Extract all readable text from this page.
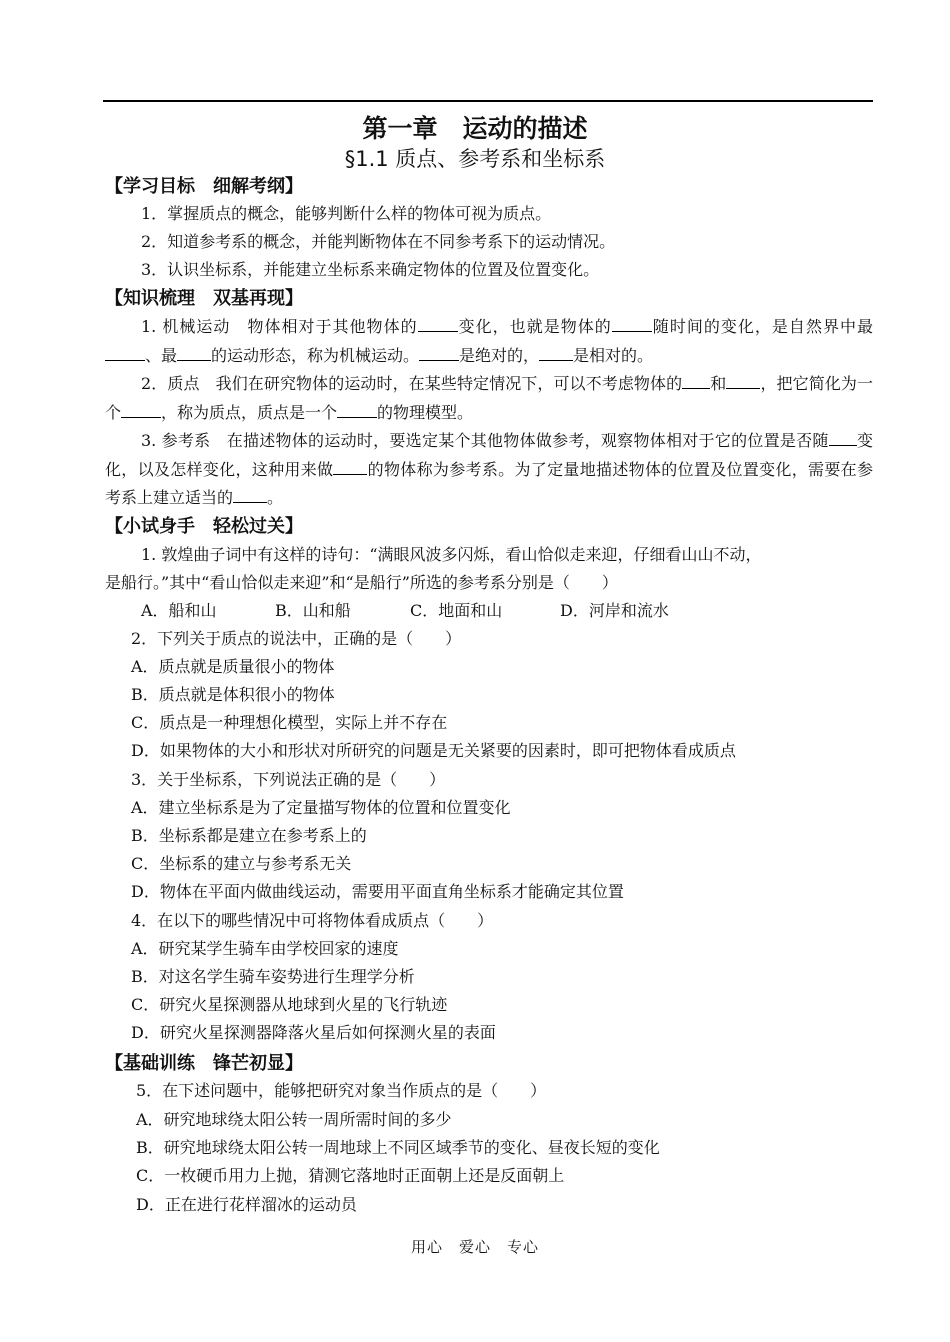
第一章　运动的描述
§1.1 质点、参考系和坐标系
【学习目标　细解考纲】
1．掌握质点的概念，能够判断什么样的物体可视为质点。
2．知道参考系的概念，并能判断物体在不同参考系下的运动情况。
3．认识坐标系，并能建立坐标系来确定物体的位置及位置变化。
【知识梳理　双基再现】
1. 机械运动　物体相对于其他物体的	变化，也就是物体的	随时间的变化，是自然界中最、最 的运动形态，称为机械运动。	是绝对的， 是相对的。
2．质点　我们在研究物体的运动时，在某些特定情况下，可以不考虑物体的 和 ，把它简化为一个	，称为质点，质点是一个	的物理模型。
3. 参考系　在描述物体的运动时，要选定某个其他物体做参考，观察物体相对于它的位置是否随 变化，以及怎样变化，这种用来做 的物体称为参考系。为了定量地描述物体的位置及位置变化，需要在参考系上建立适当的 。
【小试身手　轻松过关】
1. 敦煌曲子词中有这样的诗句：“满眼风波多闪烁，看山恰似走来迎，仔细看山山不动，
是船行。”其中“看山恰似走来迎”和“是船行”所选的参考系分别是（　　）
A．船和山	B．山和船	C．地面和山	D．河岸和流水
2．下列关于质点的说法中，正确的是（　　）
A．质点就是质量很小的物体
B．质点就是体积很小的物体
C．质点是一种理想化模型，实际上并不存在
D．如果物体的大小和形状对所研究的问题是无关紧要的因素时，即可把物体看成质点
3．关于坐标系，下列说法正确的是（　　）
A．建立坐标系是为了定量描写物体的位置和位置变化
B．坐标系都是建立在参考系上的
C．坐标系的建立与参考系无关
D．物体在平面内做曲线运动，需要用平面直角坐标系才能确定其位置
4．在以下的哪些情况中可将物体看成质点（　　）
A．研究某学生骑车由学校回家的速度
B．对这名学生骑车姿势进行生理学分析
C．研究火星探测器从地球到火星的飞行轨迹
D．研究火星探测器降落火星后如何探测火星的表面
【基础训练　锋芒初显】
5．在下述问题中，能够把研究对象当作质点的是（　　）
A．研究地球绕太阳公转一周所需时间的多少
B．研究地球绕太阳公转一周地球上不同区域季节的变化、昼夜长短的变化
C．一枚硬币用力上抛，猜测它落地时正面朝上还是反面朝上
D．正在进行花样溜冰的运动员
用心　爱心　专心
